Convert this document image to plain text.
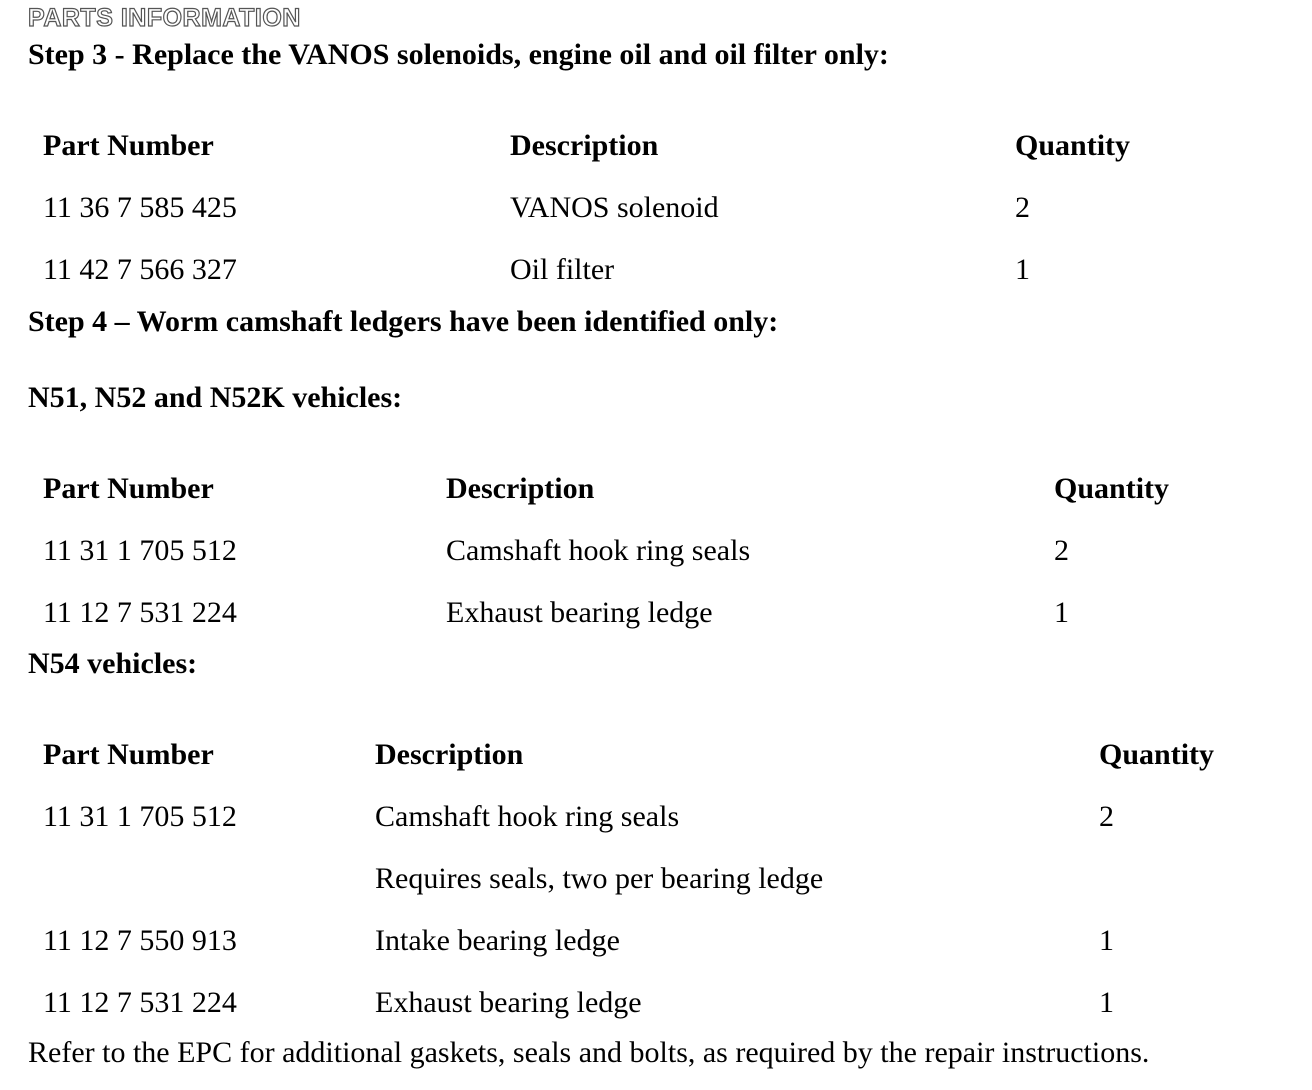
PARTS INFORMATION
Step 3 - Replace the VANOS solenoids, engine oil and oil filter only:
Part Number	Description	Quantity
11 36 7 585 425	VANOS solenoid	2
11 42 7 566 327	Oil filter	1
Step 4 – Worm camshaft ledgers have been identified only:
N51, N52 and N52K vehicles:
Part Number	Description	Quantity
11 31 1 705 512	Camshaft hook ring seals	2
11 12 7 531 224	Exhaust bearing ledge	1
N54 vehicles:
Part Number	Description	Quantity
11 31 1 705 512	Camshaft hook ring seals	2
Requires seals, two per bearing ledge
11 12 7 550 913	Intake bearing ledge	1
11 12 7 531 224	Exhaust bearing ledge	1
Refer to the EPC for additional gaskets, seals and bolts, as required by the repair instructions.
